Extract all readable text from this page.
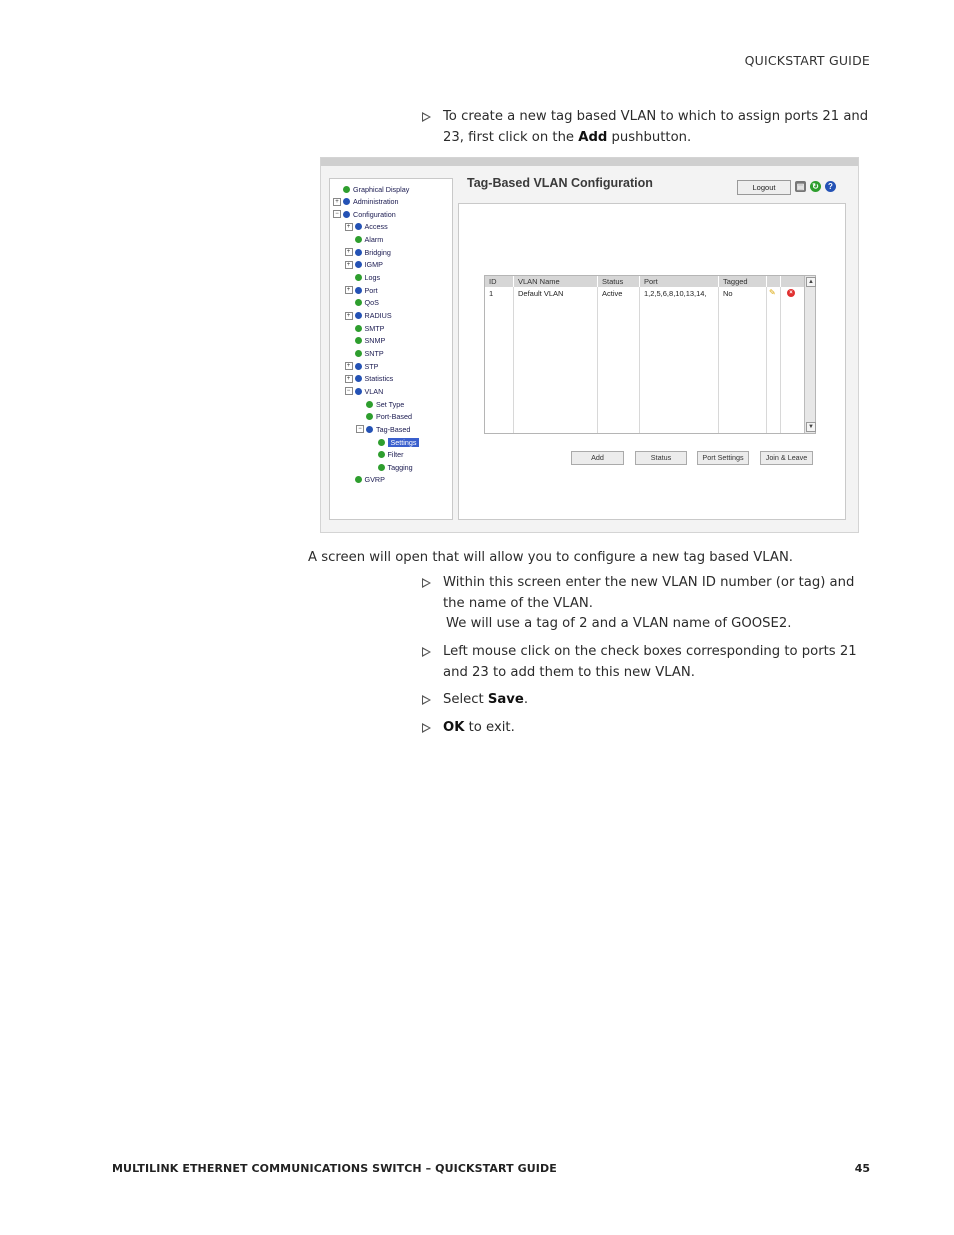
QUICKSTART GUIDE
To create a new tag based VLAN to which to assign ports 21 and 23, first click on the Add pushbutton.
Graphical Display
+	Administration
−	Configuration
+	Access
Alarm
+	Bridging
+	IGMP
Logs
+	Port
QoS
+	RADIUS
SMTP
SNMP
SNTP
+	STP
+	Statistics
−	VLAN
Set Type
Port-Based
−	Tag-Based
Settings
Filter
Tagging
GVRP
Tag-Based VLAN Configuration	Logout	▤ ↻	?
ID	VLAN Name	Status	Port	Tagged
1	Default VLAN	Active	1,2,5,6,8,10,13,14,	No	✎	×
▲
▼
Add	Status	Port Settings	Join & Leave
A screen will open that will allow you to configure a new tag based VLAN.
Within this screen enter the new VLAN ID number (or tag) and the name of the VLAN.
We will use a tag of 2 and a VLAN name of GOOSE2.
Left mouse click on the check boxes corresponding to ports 21 and 23 to add them to this new VLAN.
Select Save.
OK to exit.
MULTILINK ETHERNET COMMUNICATIONS SWITCH – QUICKSTART GUIDE	45
